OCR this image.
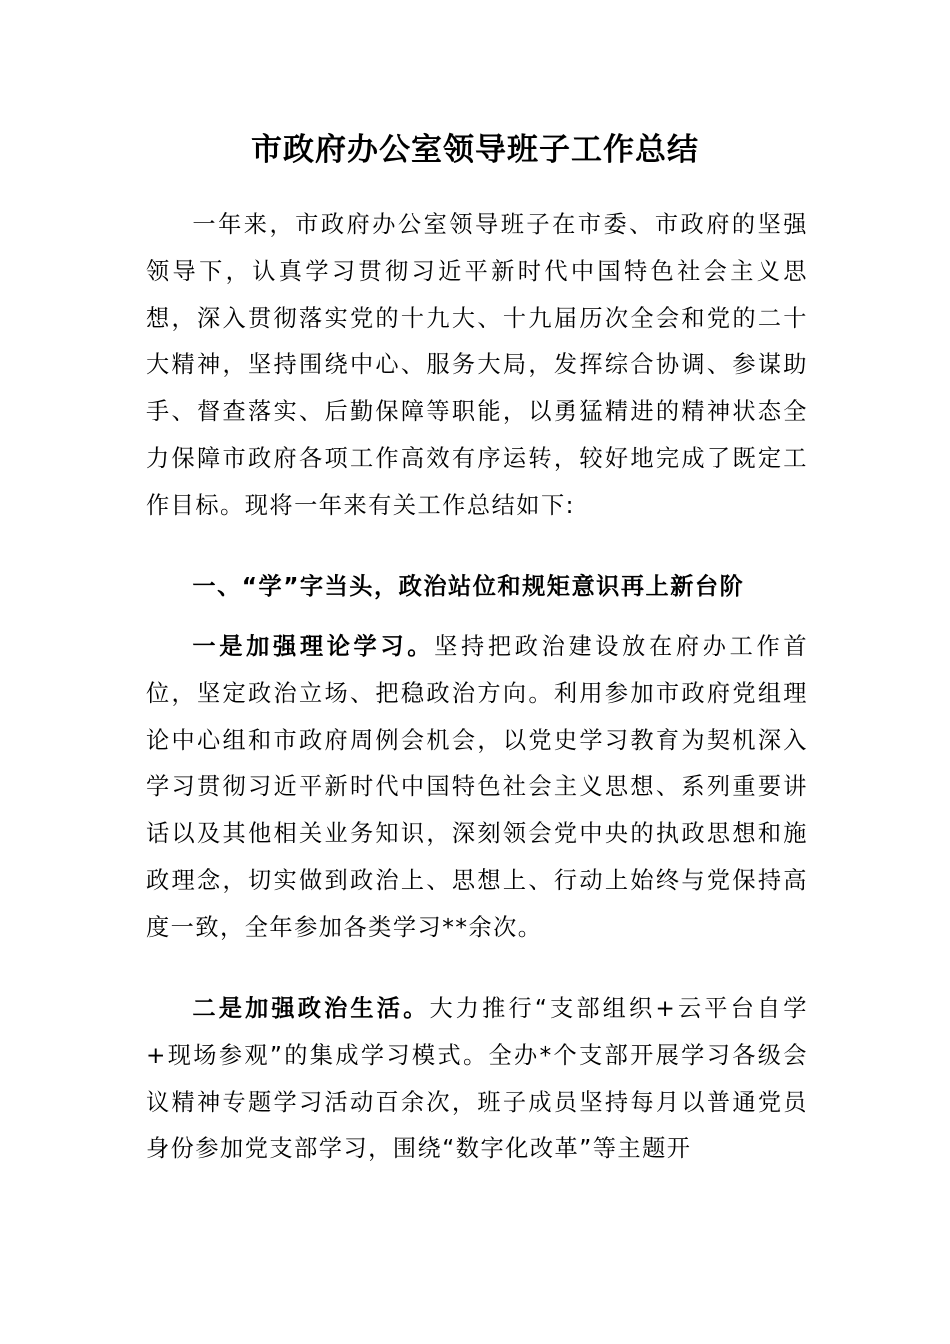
市政府办公室领导班子工作总结

一年来，市政府办公室领导班子在市委、市政府的坚强领导下，认真学习贯彻习近平新时代中国特色社会主义思想，深入贯彻落实党的十九大、十九届历次全会和党的二十大精神，坚持围绕中心、服务大局，发挥综合协调、参谋助手、督查落实、后勤保障等职能，以勇猛精进的精神状态全力保障市政府各项工作高效有序运转，较好地完成了既定工作目标。现将一年来有关工作总结如下:

一、“学”字当头，政治站位和规矩意识再上新台阶

一是加强理论学习。坚持把政治建设放在府办工作首位，坚定政治立场、把稳政治方向。利用参加市政府党组理论中心组和市政府周例会机会，以党史学习教育为契机深入学习贯彻习近平新时代中国特色社会主义思想、系列重要讲话以及其他相关业务知识，深刻领会党中央的执政思想和施政理念，切实做到政治上、思想上、行动上始终与党保持高度一致，全年参加各类学习**余次。

二是加强政治生活。大力推行“支部组织+云平台自学+现场参观”的集成学习模式。全办*个支部开展学习各级会议精神专题学习活动百余次，班子成员坚持每月以普通党员身份参加党支部学习，围绕“数字化改革”等主题开
